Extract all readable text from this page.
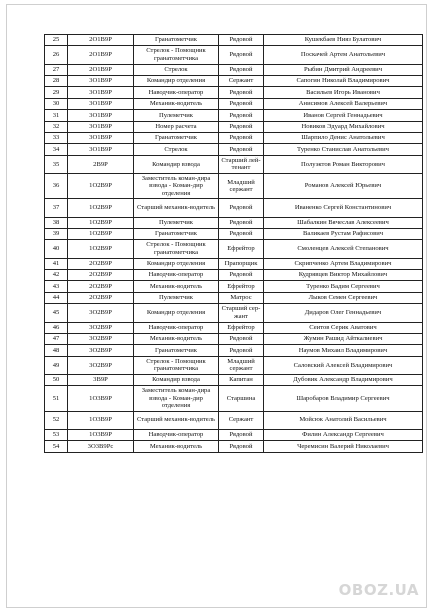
25	2О1В9Р	Гранатометчик	Рядовой	Кушекбаев Нияз Булатович
26	2О1В9Р	Стрелок - Помощник гранатометчика	Рядовой	Поскачей Артем Анатольевич
27	2О1В9Р	Стрелок	Рядовой	Рыбин Дмитрий Андреевич
28	3О1В9Р	Командир отделения	Сержант	Сапогин Николай Владимирович
29	3О1В9Р	Наводчик-оператор	Рядовой	Васильев Игорь Иванович
30	3О1В9Р	Механик-водитель	Рядовой	Анисимов Алексей Валерьевич
31	3О1В9Р	Пулеметчик	Рядовой	Иванов Сергей Геннадьевич
32	3О1В9Р	Номер расчета	Рядовой	Новиков Эдуард Михайлович
33	3О1В9Р	Гранатометчик	Рядовой	Шарпило Денис Анатольевич
34	3О1В9Р	Стрелок	Рядовой	Туренко Станислав Анатольевич
35	2В9Р	Командир взвода	Старший лей-тенант	Полуэктов Роман Викторович
36	1О2В9Р	Заместитель коман-дира взвода - Коман-дир отделения	Младший сержант	Романов Алексей Юрьевич
37	1О2В9Р	Старший механик-водитель	Рядовой	Иваненко Сергей Константинович
38	1О2В9Р	Пулеметчик	Рядовой	Шабалкин Вячеслав Алексеевич
39	1О2В9Р	Гранатометчик	Рядовой	Валикаев Рустам Рафисович
40	1О2В9Р	Стрелок - Помощник гранатометчика	Ефрейтор	Смоленцев Алексей Степанович
41	2О2В9Р	Командир отделения	Прапорщик	Скрипченко Артем Владимирович
42	2О2В9Р	Наводчик-оператор	Рядовой	Кудрявцев Виктор Михайлович
43	2О2В9Р	Механик-водитель	Ефрейтор	Туренко Вадим Сергеевич
44	2О2В9Р	Пулеметчик	Матрос	Лыков Семен Сергеевич
45	3О2В9Р	Командир отделения	Старший сер-жант	Дидаров Олег Геннадьевич
46	3О2В9Р	Наводчик-оператор	Ефрейтор	Сеитов Серик Аватович
47	3О2В9Р	Механик-водитель	Рядовой	Жумин Рашид Айткалиевич
48	3О2В9Р	Гранатометчик	Рядовой	Наумов Михаил Владимирович
49	3О2В9Р	Стрелок - Помощник гранатометчика	Младший сержант	Саловский Алексей Владимирович
50	3В9Р	Командир взвода	Капитан	Дубовик Александр Владимирович
51	1О3В9Р	Заместитель коман-дира взвода - Коман-дир отделения	Старшина	Шаробаров Владимир Сергеевич
52	1О3В9Р	Старший механик-водитель	Сержант	Мойсюк Анатолий Васильевич
53	1О3В9Р	Наводчик-оператор	Рядовой	Филин Александр Сергеевич
54	3О3В9Рс	Механик-водитель	Рядовой	Черемисин Валерий Николаевич
OBOZ.UA
